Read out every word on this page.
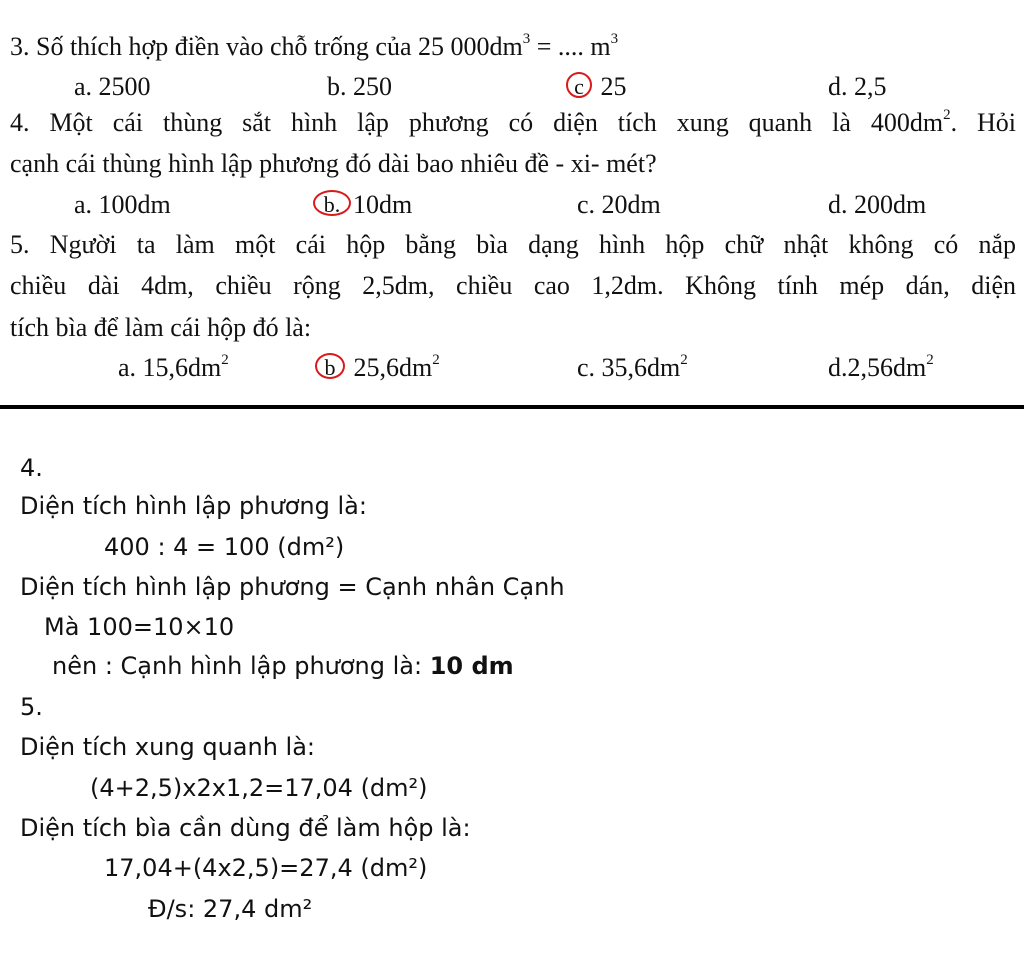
3. Số thích hợp điền vào chỗ trống của 25 $000dm^3$ = .... $m^3$
a. 2500	b. 250	c 25	d. 2,5
4. Một cái thùng sắt hình lập phương có diện tích xung quanh là $400dm^2$. Hỏi
cạnh cái thùng hình lập phương đó dài bao nhiêu đề - xi- mét?
a. 100dm	b. 10dm	c. 20dm	d. 200dm
5. Người ta làm một cái hộp bằng bìa dạng hình hộp chữ nhật không có nắp
chiều dài 4dm, chiều rộng 2,5dm, chiều cao 1,2dm. Không tính mép dán, diện
tích bìa để làm cái hộp đó là:
a. $15,6dm^2$	b $25,6dm^2$	c. $35,6dm^2$	$d.2,56dm^2$
4.
Diện tích hình lập phương là:
400 : 4 = 100 (dm²)
Diện tích hình lập phương = Cạnh nhân Cạnh
Mà 100=10×10
nên : Cạnh hình lập phương là: 10 dm
5.
Diện tích xung quanh là:
(4+2,5)x2x1,2=17,04 (dm²)
Diện tích bìa cần dùng để làm hộp là:
17,04+(4x2,5)=27,4 (dm²)
Đ/s: 27,4 dm²
